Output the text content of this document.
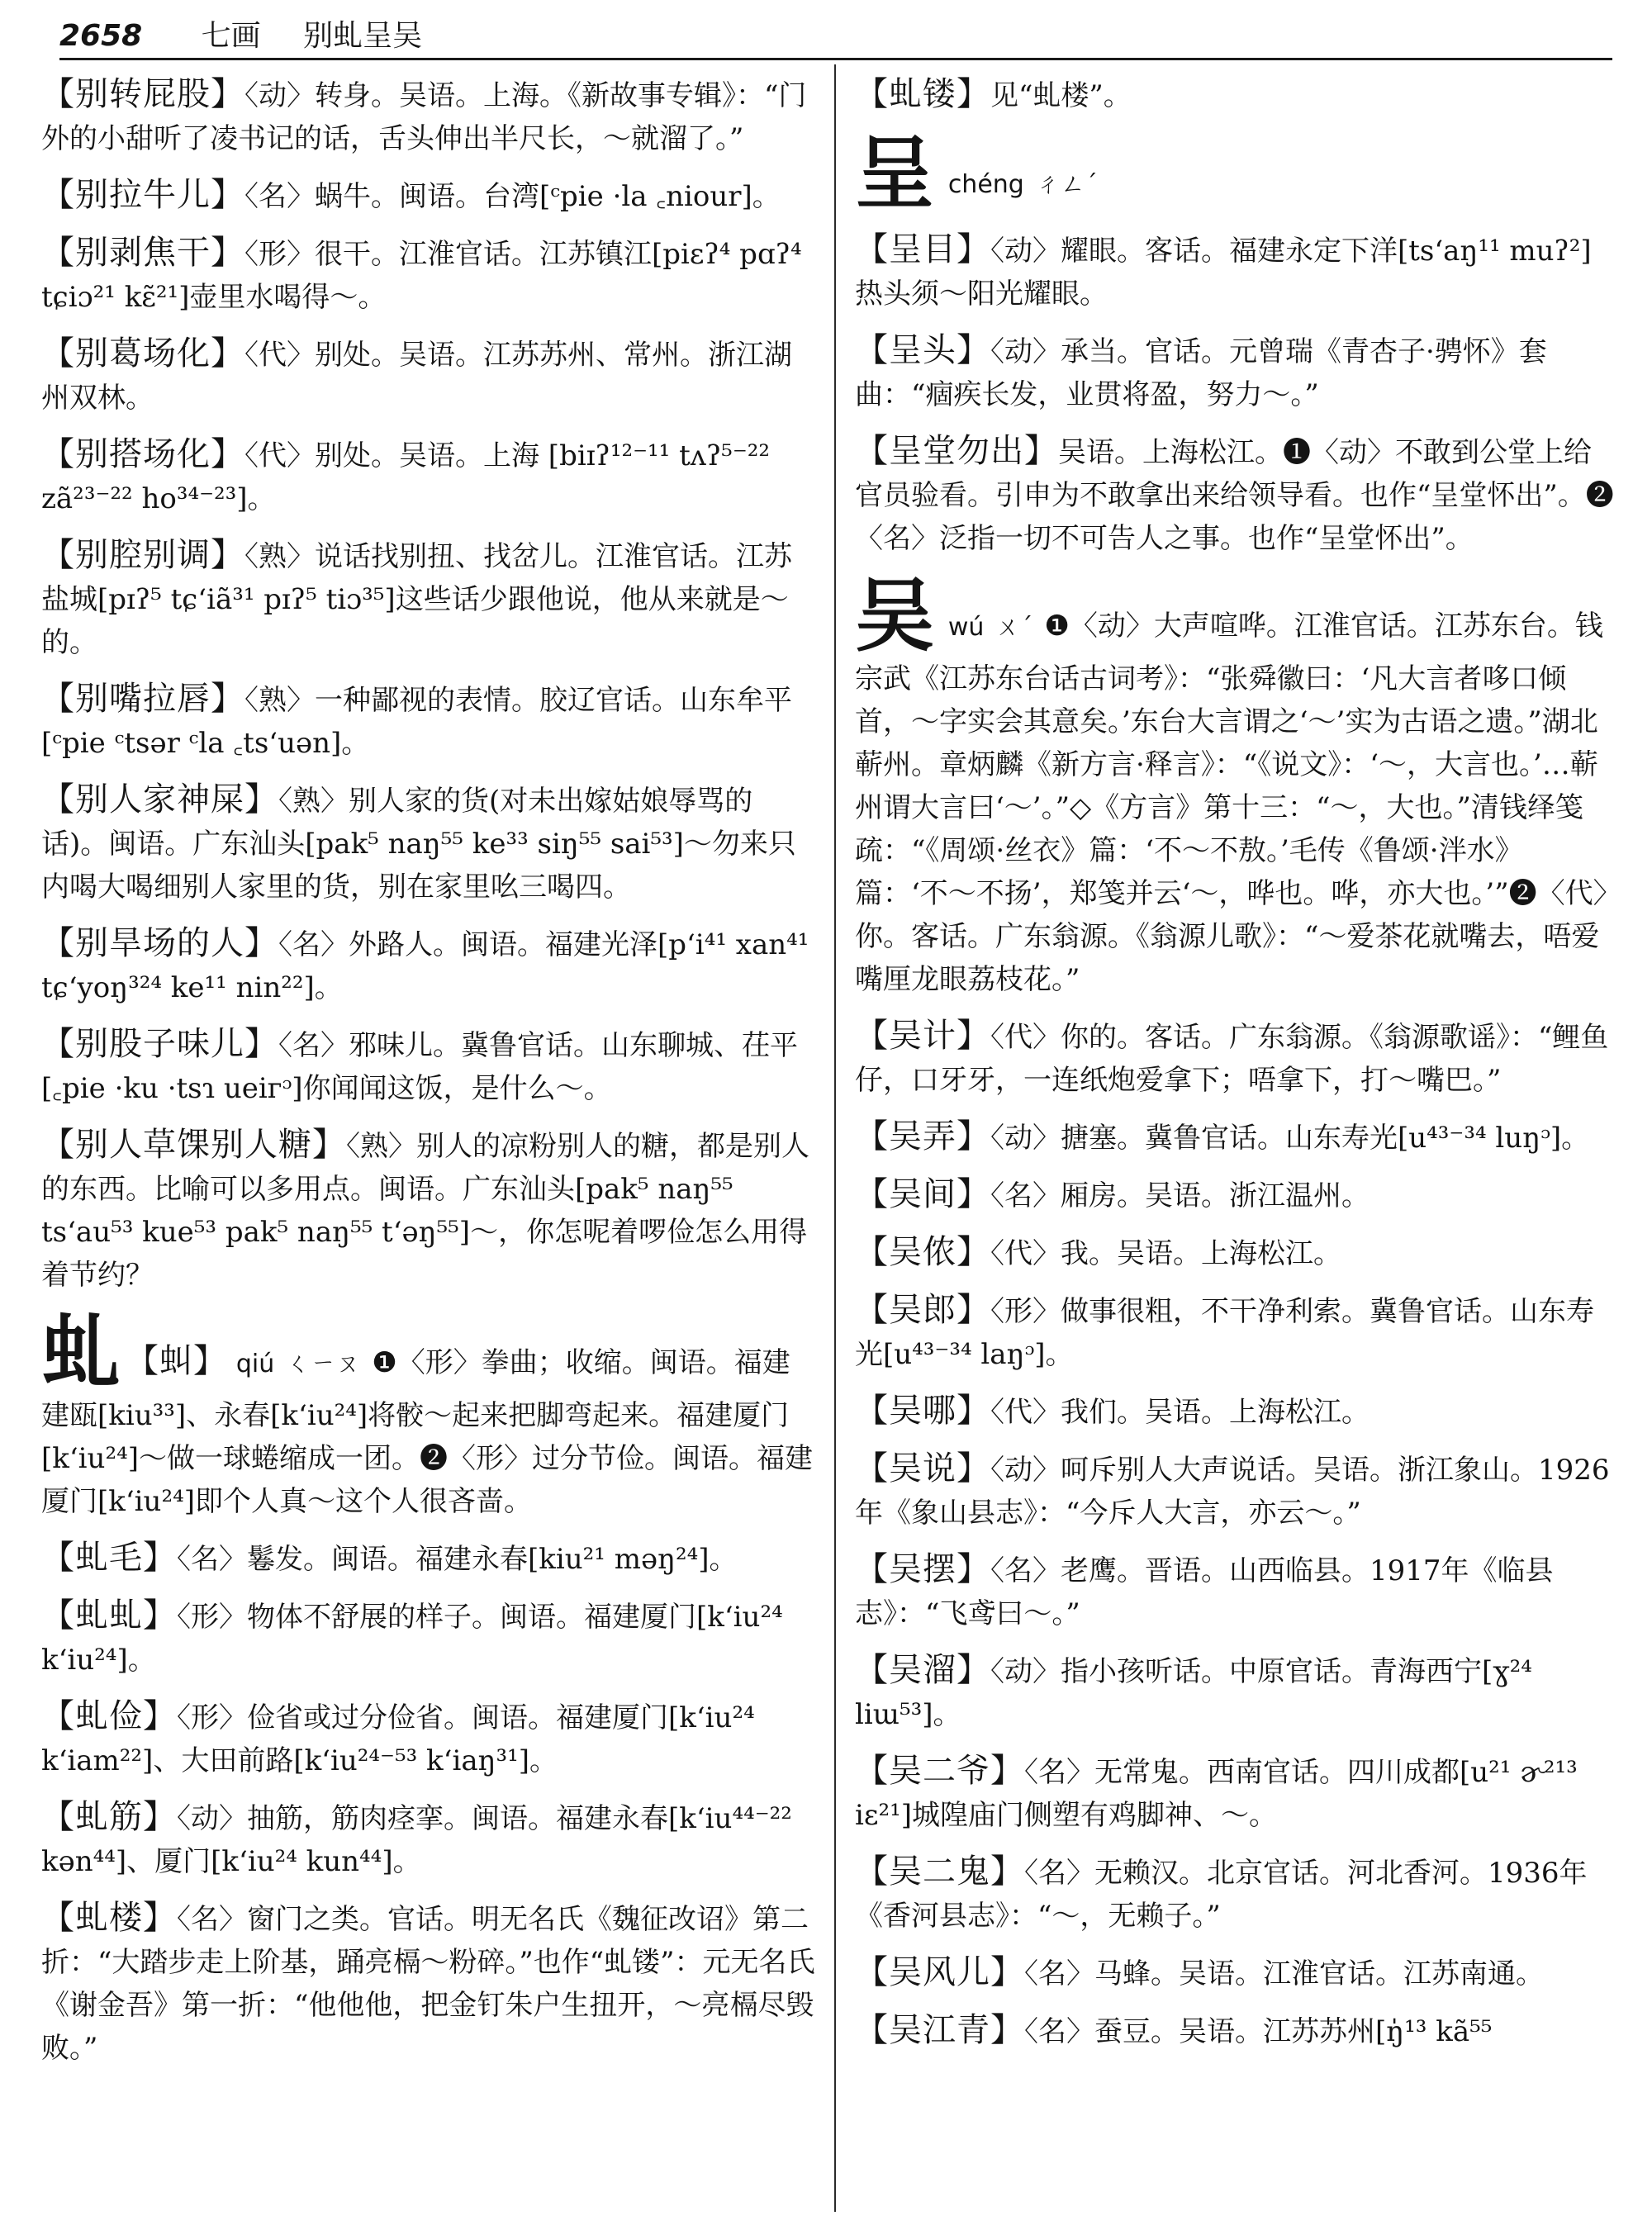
2658 七画 别虬呈吴

【别转屁股】〈动〉转身。吴语。上海。《新故事专辑》：“门外的小甜听了凌书记的话，舌头伸出半尺长，～就溜了。”

【别拉牛儿】〈名〉蜗牛。闽语。台湾[ᶜpie ·la ꜀niour]。

【别剥焦干】〈形〉很干。江淮官话。江苏镇江[piɛʔ⁴ pɑʔ⁴ tɕiɔ²¹ kɛ̃²¹]壶里水喝得～。

【别葛场化】〈代〉别处。吴语。江苏苏州、常州。浙江湖州双林。

【别搭场化】〈代〉别处。吴语。上海 [biɪʔ¹²⁻¹¹ tʌʔ⁵⁻²² zã²³⁻²² ho³⁴⁻²³]。

【别腔别调】〈熟〉说话找别扭、找岔儿。江淮官话。江苏盐城[pɪʔ⁵ tɕʻiã³¹ pɪʔ⁵ tiɔ³⁵]这些话少跟他说，他从来就是～的。

【别嘴拉唇】〈熟〉一种鄙视的表情。胶辽官话。山东牟平[ᶜpie ᶜtsər ᶜla ꜀tsʻuən]。

【别人家神屎】〈熟〉别人家的货(对未出嫁姑娘辱骂的话)。闽语。广东汕头[pak⁵ naŋ⁵⁵ ke³³ siŋ⁵⁵ sai⁵³]～勿来只内喝大喝细别人家里的货，别在家里吆三喝四。

【别旱场的人】〈名〉外路人。闽语。福建光泽[pʻi⁴¹ xan⁴¹ tɕʻyoŋ³²⁴ ke¹¹ nin²²]。

【别股子味儿】〈名〉邪味儿。冀鲁官话。山东聊城、茌平[꜀pie ·ku ·tsɿ uеiгᵓ]你闻闻这饭，是什么～。

【别人草馃别人糖】〈熟〉别人的凉粉别人的糖，都是别人的东西。比喻可以多用点。闽语。广东汕头[pak⁵ naŋ⁵⁵ tsʻau⁵³ kue⁵³ pak⁵ naŋ⁵⁵ tʻəŋ⁵⁵]～，你怎呢着啰俭怎么用得着节约？

虬 【虯】 qiú ㄑㄧㄡ ❶〈形〉拳曲；收缩。闽语。福建建瓯[kiu³³]、永春[kʻiu²⁴]将骹～起来把脚弯起来。福建厦门[kʻiu²⁴]～做一球蜷缩成一团。❷〈形〉过分节俭。闽语。福建厦门[kʻiu²⁴]即个人真～这个人很吝啬。

【虬毛】〈名〉鬈发。闽语。福建永春[kiu²¹ məŋ²⁴]。

【虬虬】〈形〉物体不舒展的样子。闽语。福建厦门[kʻiu²⁴ kʻiu²⁴]。

【虬俭】〈形〉俭省或过分俭省。闽语。福建厦门[kʻiu²⁴ kʻiam²²]、大田前路[kʻiu²⁴⁻⁵³ kʻiaŋ³¹]。

【虬筋】〈动〉抽筋，筋肉痉挛。闽语。福建永春[kʻiu⁴⁴⁻²² kən⁴⁴]、厦门[kʻiu²⁴ kun⁴⁴]。

【虬楼】〈名〉窗门之类。官话。明无名氏《魏征改诏》第二折：“大踏步走上阶基，踊亮槅～粉碎。”也作“虬镂”：元无名氏《谢金吾》第一折：“他他他，把金钉朱户生扭开，～亮槅尽毁败。”

【虬镂】见“虬楼”。

呈 chéng ㄔㄥˊ

【呈目】〈动〉耀眼。客话。福建永定下洋[tsʻaŋ¹¹ muʔ²]热头须～阳光耀眼。

【呈头】〈动〉承当。官话。元曾瑞《青杏子·骋怀》套曲：“痼疾长发，业贯将盈，努力～。”

【呈堂勿出】吴语。上海松江。❶〈动〉不敢到公堂上给官员验看。引申为不敢拿出来给领导看。也作“呈堂怀出”。❷〈名〉泛指一切不可告人之事。也作“呈堂怀出”。

吴 wú ㄨˊ ❶〈动〉大声喧哗。江淮官话。江苏东台。钱宗武《江苏东台话古词考》：“张舜徽曰：‘凡大言者哆口倾首，～字实会其意矣。’东台大言谓之‘～’实为古语之遗。”湖北蕲州。章炳麟《新方言·释言》：“《说文》：‘～，大言也。’…蕲州谓大言曰‘～’。”◇《方言》第十三：“～，大也。”清钱绎笺疏：“《周颂·丝衣》篇：‘不～不敖。’毛传《鲁颂·泮水》篇：‘不～不扬’，郑笺并云‘～，哗也。哗，亦大也。’”❷〈代〉你。客话。广东翁源。《翁源儿歌》：“～爱茶花就嘴去，唔爱嘴厘龙眼荔枝花。”

【吴计】〈代〉你的。客话。广东翁源。《翁源歌谣》：“鲤鱼仔，口牙牙，一连纸炮爱拿下；唔拿下，打～嘴巴。”

【吴弄】〈动〉搪塞。冀鲁官话。山东寿光[u⁴³⁻³⁴ luŋᵓ]。

【吴间】〈名〉厢房。吴语。浙江温州。

【吴侬】〈代〉我。吴语。上海松江。

【吴郎】〈形〉做事很粗，不干净利索。冀鲁官话。山东寿光[u⁴³⁻³⁴ laŋᵓ]。

【吴哪】〈代〉我们。吴语。上海松江。

【吴说】〈动〉呵斥别人大声说话。吴语。浙江象山。1926年《象山县志》：“今斥人大言，亦云～。”

【吴摆】〈名〉老鹰。晋语。山西临县。1917年《临县志》：“飞鸢曰～。”

【吴溜】〈动〉指小孩听话。中原官话。青海西宁[ɣ²⁴ liɯ⁵³]。

【吴二爷】〈名〉无常鬼。西南官话。四川成都[u²¹ ɚ²¹³ iɛ²¹]城隍庙门侧塑有鸡脚神、～。

【吴二鬼】〈名〉无赖汉。北京官话。河北香河。1936年《香河县志》：“～，无赖子。”

【吴风儿】〈名〉马蜂。吴语。江淮官话。江苏南通。

【吴江青】〈名〉蚕豆。吴语。江苏苏州[ŋ̍¹³ kã⁵⁵
